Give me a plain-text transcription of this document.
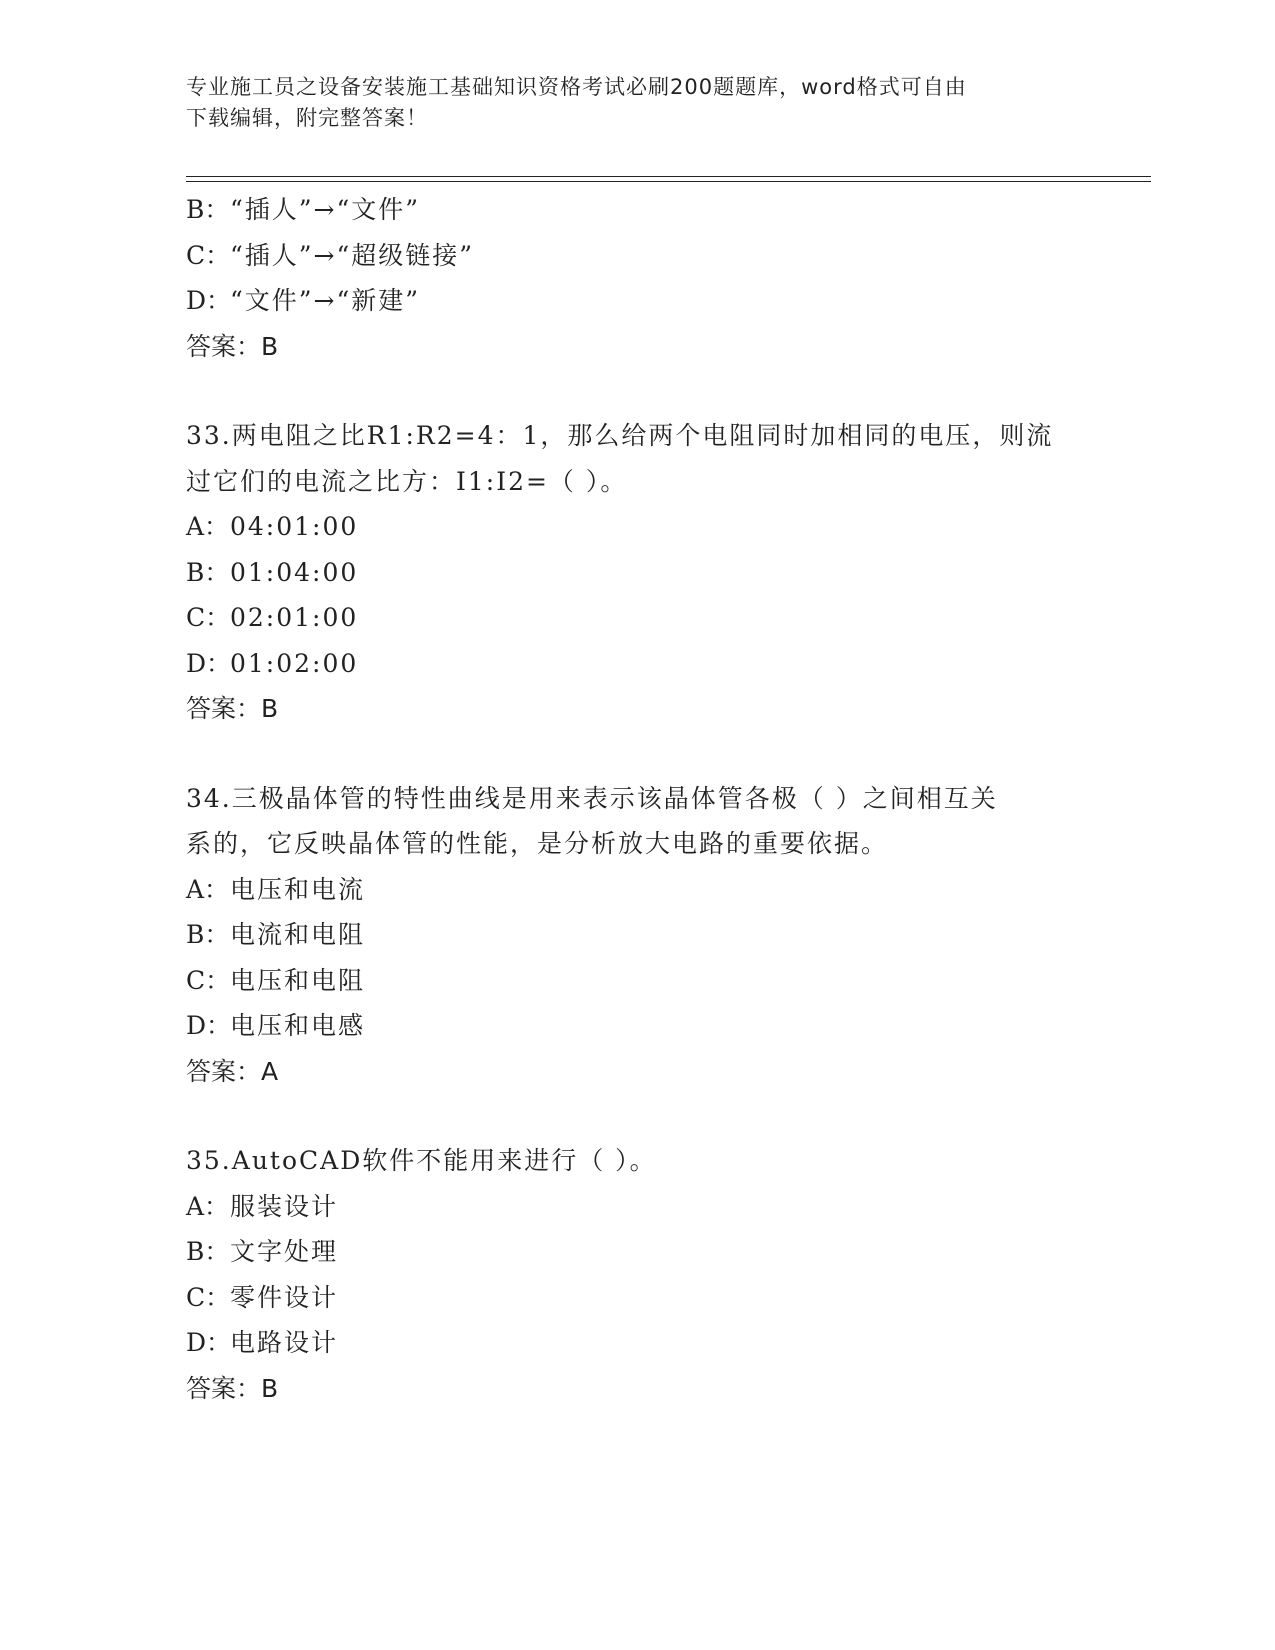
专业施工员之设备安装施工基础知识资格考试必刷200题题库，word格式可自由
下载编辑，附完整答案！
B：“插人”→“文件”
C：“插人”→“超级链接”
D：“文件”→“新建”
答案：B
33.两电阻之比R1:R2=4：1，那么给两个电阻同时加相同的电压，则流
过它们的电流之比方：I1:I2=（ ）。
A：04:01:00
B：01:04:00
C：02:01:00
D：01:02:00
答案：B
34.三极晶体管的特性曲线是用来表示该晶体管各极（ ）之间相互关
系的，它反映晶体管的性能，是分析放大电路的重要依据。
A：电压和电流
B：电流和电阻
C：电压和电阻
D：电压和电感
答案：A
35.AutoCAD软件不能用来进行（ ）。
A：服装设计
B：文字处理
C：零件设计
D：电路设计
答案：B
